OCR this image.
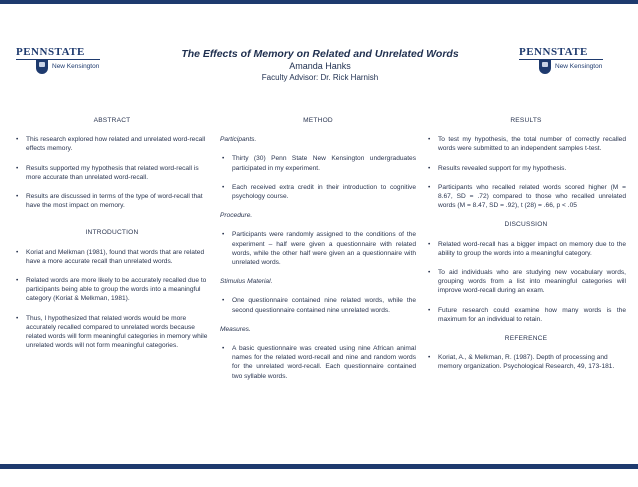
PENNSTATE
New Kensington
PENNSTATE
New Kensington
The Effects of Memory on Related and Unrelated Words
Amanda Hanks
Faculty Advisor: Dr. Rick Harnish
ABSTRACT
• This research explored how related and unrelated word-recall effects memory.
• Results supported my hypothesis that related word-recall is more accurate than unrelated word-recall.
• Results are discussed in terms of the type of word-recall that have the most impact on memory.
INTRODUCTION
• Koriat and Melkman (1981), found that words that are related have a more accurate recall than unrelated words.
• Related words are more likely to be accurately recalled due to participants being able to group the words into a meaningful category (Koriat & Melkman, 1981).
• Thus, I hypothesized that related words would be more accurately recalled compared to unrelated words because related words will form meaningful categories in memory while unrelated words will not form meaningful categories.
METHOD
Participants.
• Thirty (30) Penn State New Kensington undergraduates participated in my experiment.
• Each received extra credit in their introduction to cognitive psychology course.
Procedure.
• Participants were randomly assigned to the conditions of the experiment – half were given a questionnaire with related words, while the other half were given an a questionnaire with unrelated words.
Stimulus Material.
• One questionnaire contained nine related words, while the second questionnaire contained nine unrelated words.
Measures.
• A basic questionnaire was created using nine African animal names for the related word-recall and nine and random words for the unrelated word-recall. Each questionnaire contained two syllable words.
RESULTS
• To test my hypothesis, the total number of correctly recalled words were submitted to an independent samples t-test.
• Results revealed support for my hypothesis.
• Participants who recalled related words scored higher (M = 8.67, SD = .72) compared to those who recalled unrelated words (M = 8.47, SD = .92), t (28) = .66, p < .05
DISCUSSION
• Related word-recall has a bigger impact on memory due to the ability to group the words into a meaningful category.
• To aid individuals who are studying new vocabulary words, grouping words from a list into meaningful categories will improve word-recall during an exam.
• Future research could examine how many words is the maximum for an individual to retain.
REFERENCE
• Koriat, A., & Melkman, R. (1987). Depth of processing and memory organization. Psychological Research, 49, 173-181.
